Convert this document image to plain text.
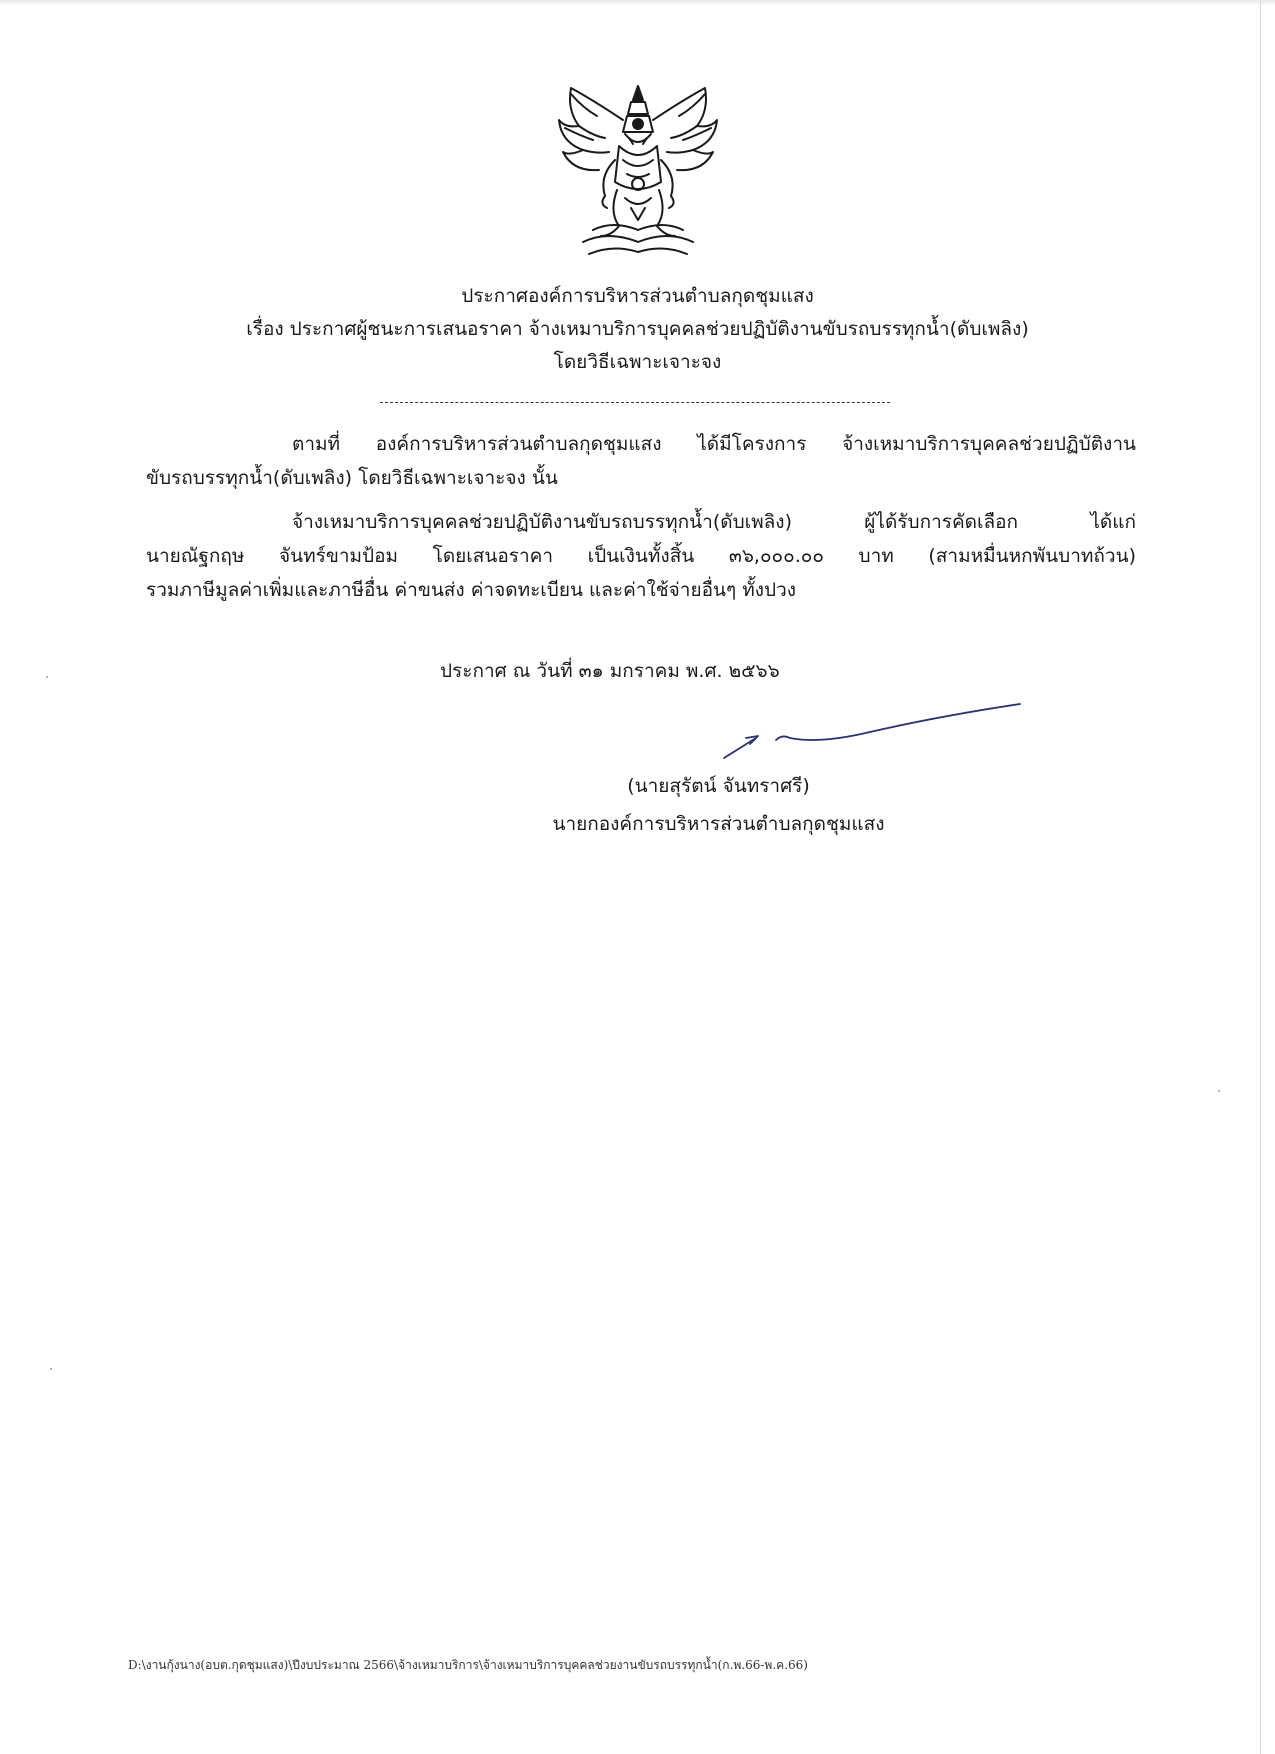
ประกาศองค์การบริหารส่วนตำบลกุดชุมแสง
เรื่อง ประกาศผู้ชนะการเสนอราคา จ้างเหมาบริการบุคคลช่วยปฏิบัติงานขับรถบรรทุกน้ำ(ดับเพลิง)
โดยวิธีเฉพาะเจาะจง
ตามที่ องค์การบริหารส่วนตำบลกุดชุมแสง ได้มีโครงการ จ้างเหมาบริการบุคคลช่วยปฏิบัติงาน
ขับรถบรรทุกน้ำ(ดับเพลิง) โดยวิธีเฉพาะเจาะจง นั้น
จ้างเหมาบริการบุคคลช่วยปฏิบัติงานขับรถบรรทุกน้ำ(ดับเพลิง) ผู้ได้รับการคัดเลือก ได้แก่
นายณัฐกฤษ จันทร์ขามป้อม โดยเสนอราคา เป็นเงินทั้งสิ้น ๓๖,๐๐๐.๐๐ บาท (สามหมื่นหกพันบาทถ้วน)
รวมภาษีมูลค่าเพิ่มและภาษีอื่น ค่าขนส่ง ค่าจดทะเบียน และค่าใช้จ่ายอื่นๆ ทั้งปวง
ประกาศ ณ วันที่ ๓๑ มกราคม พ.ศ. ๒๕๖๖
(นายสุรัตน์ จันทราศรี)
นายกองค์การบริหารส่วนตำบลกุดชุมแสง
D:\งานกุ้งนาง(อบต.กุดชุมแสง)\ปีงบประมาณ 2566\จ้างเหมาบริการ\จ้างเหมาบริการบุคคลช่วยงานขับรถบรรทุกน้ำ(ก.พ.66-พ.ค.66)
